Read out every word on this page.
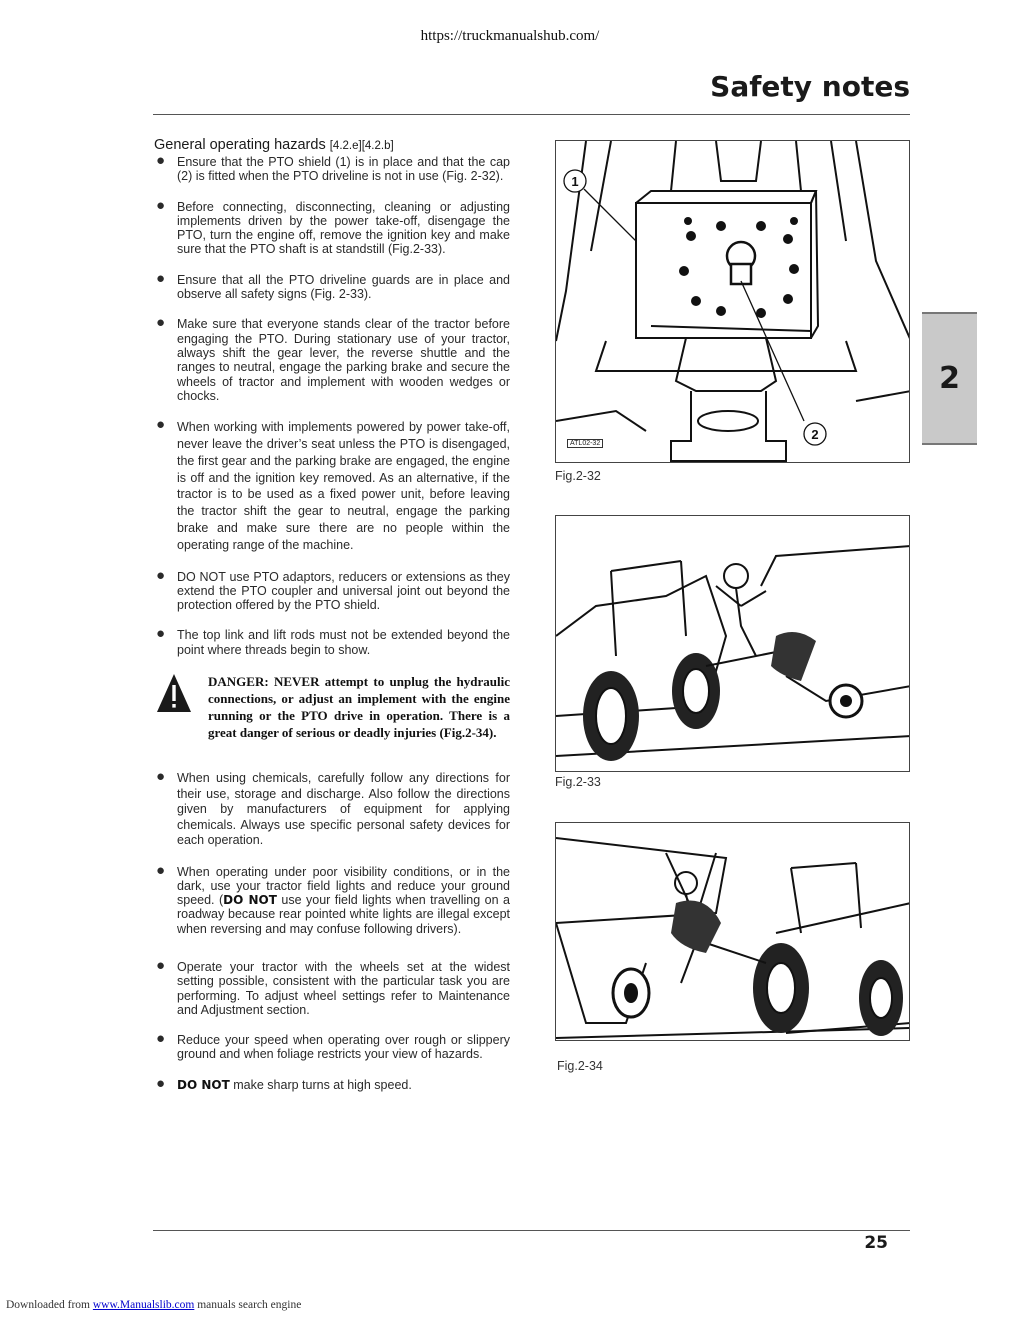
https://truckmanualshub.com/
Safety notes
2
General operating hazards [4.2.e][4.2.b]
● Ensure that the PTO shield (1) is in place and that the cap (2) is fitted when the PTO driveline is not in use (Fig. 2-32).
● Before connecting, disconnecting, cleaning or adjusting implements driven by the power take-off, disengage the PTO, turn the engine off, remove the ignition key and make sure that the PTO shaft is at standstill (Fig.2-33).
● Ensure that all the PTO driveline guards are in place and observe all safety signs (Fig. 2-33).
● Make sure that everyone stands clear of the tractor before engaging the PTO. During stationary use of your tractor, always shift the gear lever, the reverse shuttle and the ranges to neutral, engage the parking brake and secure the wheels of tractor and implement with wooden wedges or chocks.
● When working with implements powered by power take-off, never leave the driver’s seat unless the PTO is disengaged, the first gear and the parking brake are engaged, the engine is off and the ignition key removed. As an alternative, if the tractor is to be used as a fixed power unit, before leaving the tractor shift the gear to neutral, engage the parking brake and make sure there are no people within the operating range of the machine.
● DO NOT use PTO adaptors, reducers or extensions as they extend the PTO coupler and universal joint out beyond the protection offered by the PTO shield.
● The top link and lift rods must not be extended beyond the point where threads begin to show.

DANGER: NEVER attempt to unplug the hydraulic connections, or adjust an implement with the engine running or the PTO drive in operation. There is a great danger of serious or deadly injuries (Fig.2-34).

● When using chemicals, carefully follow any directions for their use, storage and discharge. Also follow the directions given by manufacturers of equipment for applying chemicals. Always use specific personal safety devices for each operation.
● When operating under poor visibility conditions, or in the dark, use your tractor field lights and reduce your ground speed. (DO NOT use your field lights when travelling on a roadway because rear pointed white lights are illegal except when reversing and may confuse following drivers).
● Operate your tractor with the wheels set at the widest setting possible, consistent with the particular task you are performing. To adjust wheel settings refer to Maintenance and Adjustment section.
● Reduce your speed when operating over rough or slippery ground and when foliage restricts your view of hazards.
● DO NOT make sharp turns at high speed.
1
2
ATL02-32
Fig.2-32
Fig.2-33
Fig.2-34
25
Downloaded from www.Manualslib.com manuals search engine
